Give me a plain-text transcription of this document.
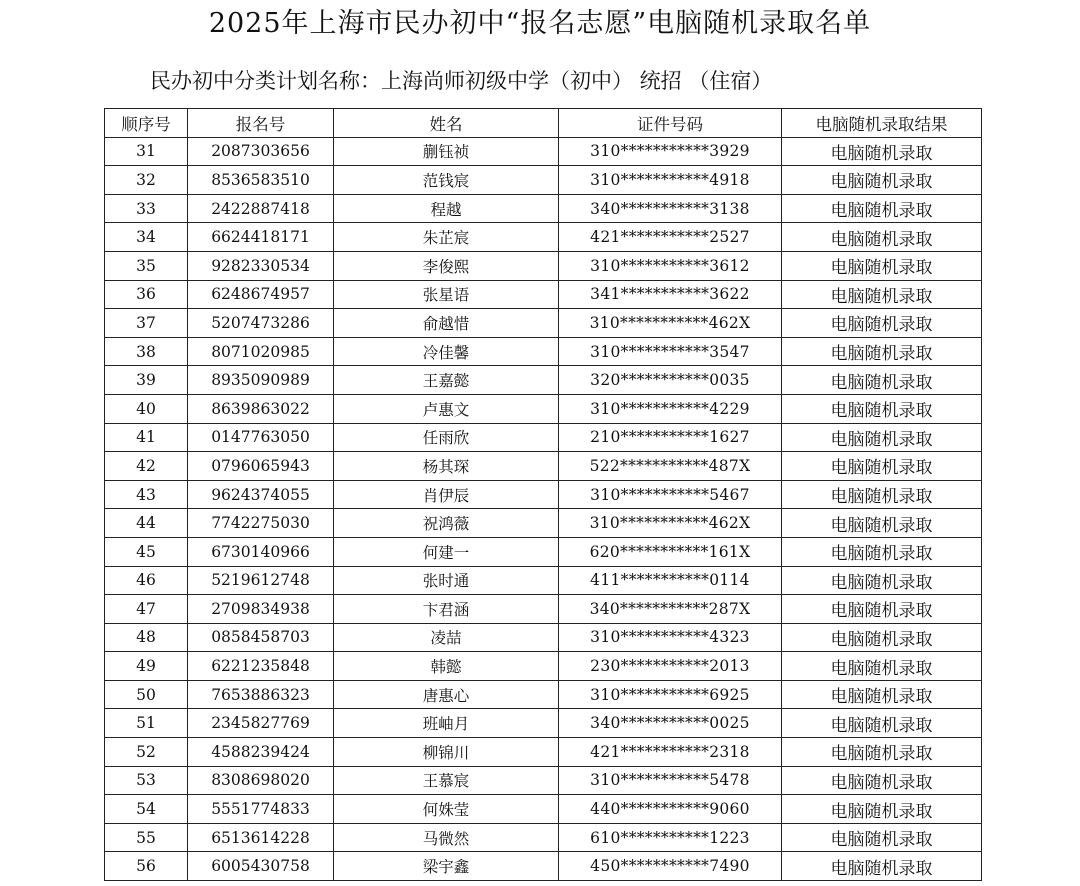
2025年上海市民办初中“报名志愿”电脑随机录取名单
民办初中分类计划名称：上海尚师初级中学（初中） 统招 （住宿）
顺序号	报名号	姓名	证件号码	电脑随机录取结果
31	2087303656	蒯钰祯	310***********3929	电脑随机录取
32	8536583510	范钱宸	310***********4918	电脑随机录取
33	2422887418	程越	340***********3138	电脑随机录取
34	6624418171	朱芷宸	421***********2527	电脑随机录取
35	9282330534	李俊熙	310***********3612	电脑随机录取
36	6248674957	张星语	341***********3622	电脑随机录取
37	5207473286	俞越惜	310***********462X	电脑随机录取
38	8071020985	冷佳馨	310***********3547	电脑随机录取
39	8935090989	王嘉懿	320***********0035	电脑随机录取
40	8639863022	卢惠文	310***********4229	电脑随机录取
41	0147763050	任雨欣	210***********1627	电脑随机录取
42	0796065943	杨其琛	522***********487X	电脑随机录取
43	9624374055	肖伊辰	310***********5467	电脑随机录取
44	7742275030	祝鸿薇	310***********462X	电脑随机录取
45	6730140966	何建一	620***********161X	电脑随机录取
46	5219612748	张时通	411***********0114	电脑随机录取
47	2709834938	卞君涵	340***********287X	电脑随机录取
48	0858458703	凌喆	310***********4323	电脑随机录取
49	6221235848	韩懿	230***********2013	电脑随机录取
50	7653886323	唐惠心	310***********6925	电脑随机录取
51	2345827769	班岫月	340***********0025	电脑随机录取
52	4588239424	柳锦川	421***********2318	电脑随机录取
53	8308698020	王慕宸	310***********5478	电脑随机录取
54	5551774833	何姝莹	440***********9060	电脑随机录取
55	6513614228	马微然	610***********1223	电脑随机录取
56	6005430758	梁宇鑫	450***********7490	电脑随机录取
